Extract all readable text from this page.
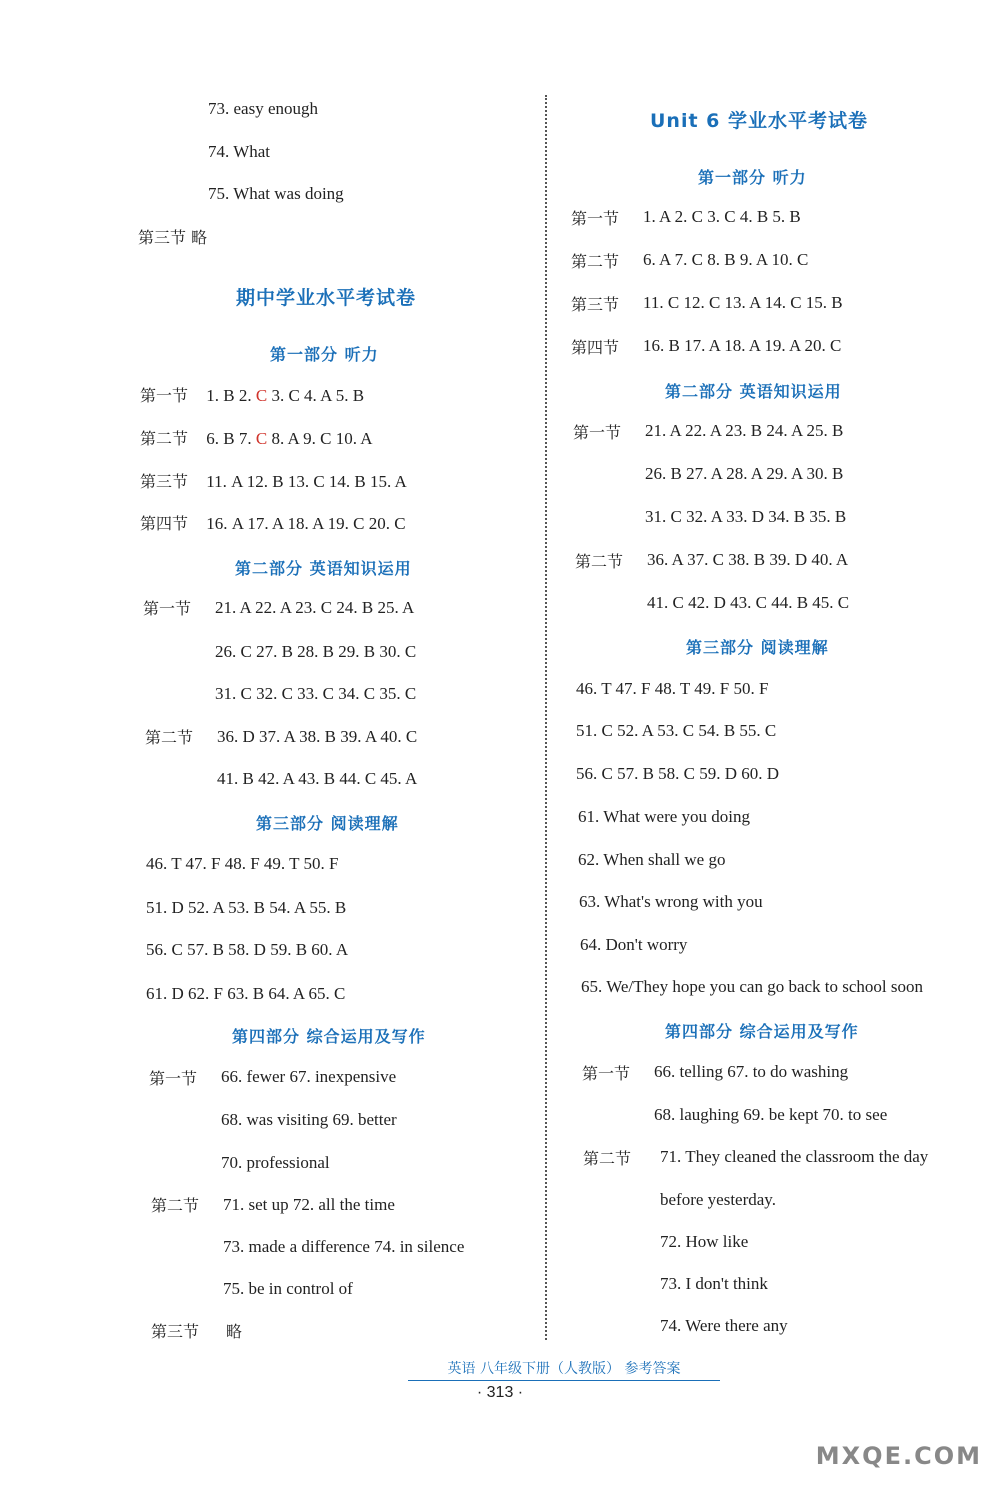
73. easy enough
74. What
75. What was doing
第三节 略
期中学业水平考试卷
第一部分 听力
第一节 1. B 2. C 3. C 4. A 5. B
第二节 6. B 7. C 8. A 9. C 10. A
第三节 11. A 12. B 13. C 14. B 15. A
第四节 16. A 17. A 18. A 19. C 20. C
第二部分 英语知识运用
第一节 21. A 22. A 23. C 24. B 25. A
26. C 27. B 28. B 29. B 30. C
31. C 32. C 33. C 34. C 35. C
第二节 36. D 37. A 38. B 39. A 40. C
41. B 42. A 43. B 44. C 45. A
第三部分 阅读理解
46. T 47. F 48. F 49. T 50. F
51. D 52. A 53. B 54. A 55. B
56. C 57. B 58. D 59. B 60. A
61. D 62. F 63. B 64. A 65. C
第四部分 综合运用及写作
第一节 66. fewer 67. inexpensive
68. was visiting 69. better
70. professional
第二节 71. set up 72. all the time
73. made a difference 74. in silence
75. be in control of
第三节 略
Unit 6 学业水平考试卷
第一部分 听力
第一节 1. A 2. C 3. C 4. B 5. B
第二节 6. A 7. C 8. B 9. A 10. C
第三节 11. C 12. C 13. A 14. C 15. B
第四节 16. B 17. A 18. A 19. A 20. C
第二部分 英语知识运用
第一节 21. A 22. A 23. B 24. A 25. B
26. B 27. A 28. A 29. A 30. B
31. C 32. A 33. D 34. B 35. B
第二节 36. A 37. C 38. B 39. D 40. A
41. C 42. D 43. C 44. B 45. C
第三部分 阅读理解
46. T 47. F 48. T 49. F 50. F
51. C 52. A 53. C 54. B 55. C
56. C 57. B 58. C 59. D 60. D
61. What were you doing
62. When shall we go
63. What's wrong with you
64. Don't worry
65. We/They hope you can go back to school soon
第四部分 综合运用及写作
第一节 66. telling 67. to do washing
68. laughing 69. be kept 70. to see
第二节 71. They cleaned the classroom the day
before yesterday.
72. How like
73. I don't think
74. Were there any
英语 八年级下册（人教版） 参考答案
· 313 ·
MXQE.COM
